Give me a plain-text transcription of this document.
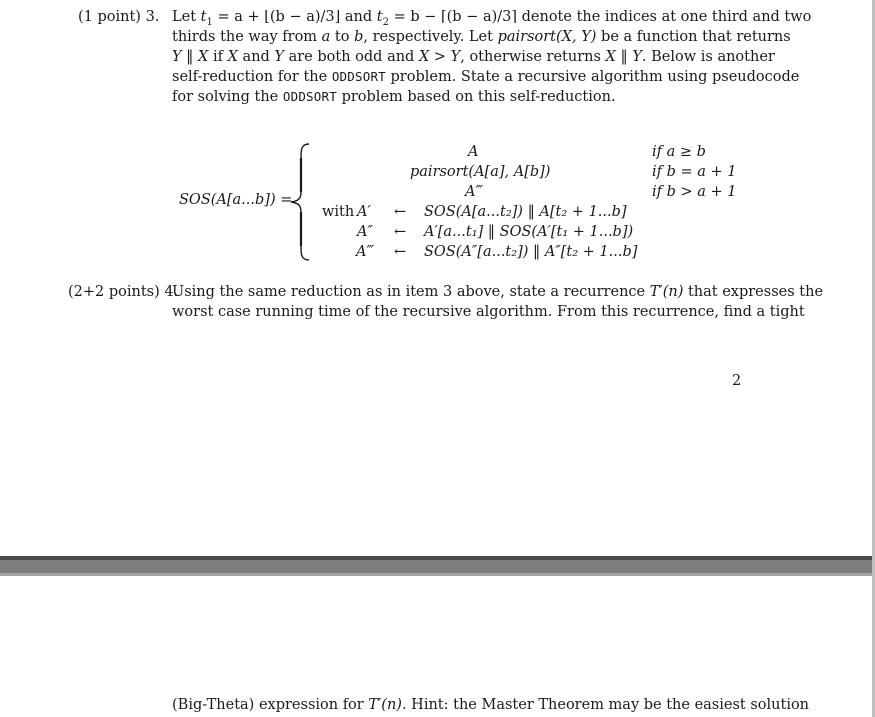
(1 point) 3. Let $t_1 = a$ + ⌊(b − a)/3⌋ and $t_2 = b$ − ⌈(b − a)/3⌉ denote the indices at one third and two
thirds the way from a to b, respectively. Let pairsort(X, Y) be a function that returns
Y ‖ X if X and Y are both odd and X > Y, otherwise returns X ‖ Y. Below is another
self-reduction for the ODDSORT problem. State a recursive algorithm using pseudocode
for solving the ODDSORT problem based on this self-reduction.
SOS(A[a...b]) =
A
pairsort(A[a], A[b])
A‴
if a ≥ b
if b = a + 1
if b > a + 1
with A′
A″
A‴
←
←
←
SOS(A[a...t₂]) ‖ A[t₂ + 1...b]
A′[a...t₁] ‖ SOS(A′[t₁ + 1...b])
SOS(A″[a...t₂]) ‖ A″[t₂ + 1...b]
(2+2 points) 4.
Using the same reduction as in item 3 above, state a recurrence T′(n) that expresses the
worst case running time of the recursive algorithm. From this recurrence, find a tight
2
(Big-Theta) expression for T′(n). Hint: the Master Theorem may be the easiest solution
